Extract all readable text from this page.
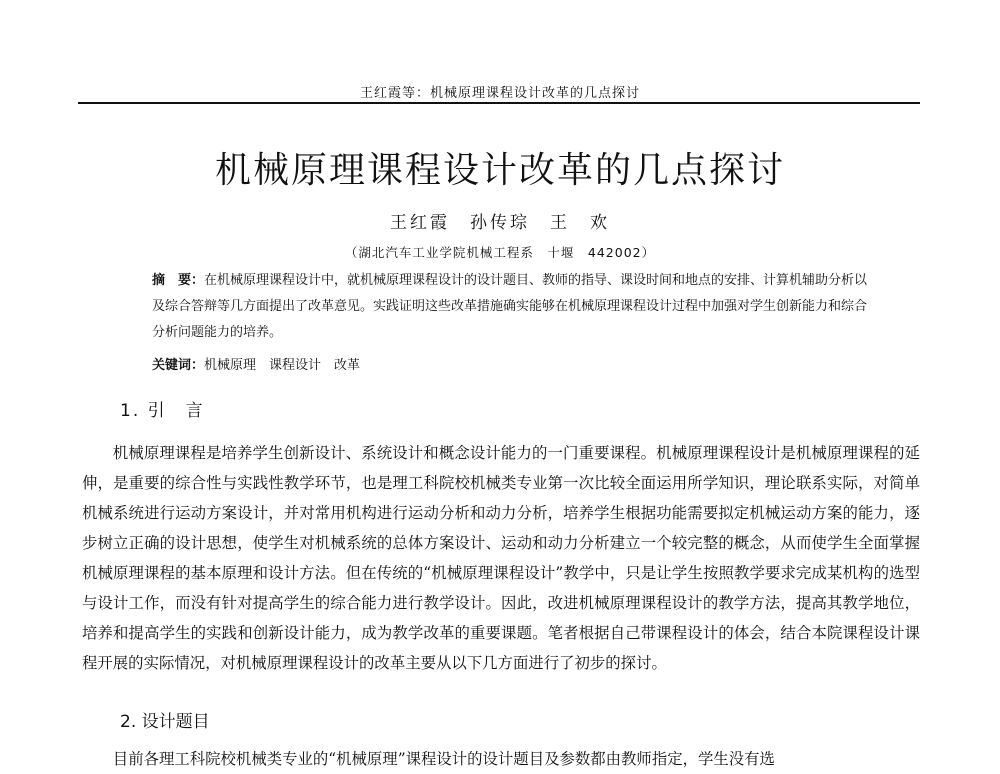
王红霞等：机械原理课程设计改革的几点探讨
机械原理课程设计改革的几点探讨
王红霞　孙传琮　王　欢
（湖北汽车工业学院机械工程系　十堰　442002）
摘　要：在机械原理课程设计中，就机械原理课程设计的设计题目、教师的指导、课设时间和地点的安排、计算机辅助分析以及综合答辩等几方面提出了改革意见。实践证明这些改革措施确实能够在机械原理课程设计过程中加强对学生创新能力和综合分析问题能力的培养。
关键词：机械原理　课程设计　改革
1. 引　言

机械原理课程是培养学生创新设计、系统设计和概念设计能力的一门重要课程。机械原理课程设计是机械原理课程的延伸，是重要的综合性与实践性教学环节，也是理工科院校机械类专业第一次比较全面运用所学知识，理论联系实际，对简单机械系统进行运动方案设计，并对常用机构进行运动分析和动力分析，培养学生根据功能需要拟定机械运动方案的能力，逐步树立正确的设计思想，使学生对机械系统的总体方案设计、运动和动力分析建立一个较完整的概念，从而使学生全面掌握机械原理课程的基本原理和设计方法。但在传统的“机械原理课程设计”教学中，只是让学生按照教学要求完成某机构的选型与设计工作，而没有针对提高学生的综合能力进行教学设计。因此，改进机械原理课程设计的教学方法，提高其教学地位，培养和提高学生的实践和创新设计能力，成为教学改革的重要课题。笔者根据自己带课程设计的体会，结合本院课程设计课程开展的实际情况，对机械原理课程设计的改革主要从以下几方面进行了初步的探讨。

2. 设计题目

目前各理工科院校机械类专业的“机械原理”课程设计的设计题目及参数都由教师指定，学生没有选
